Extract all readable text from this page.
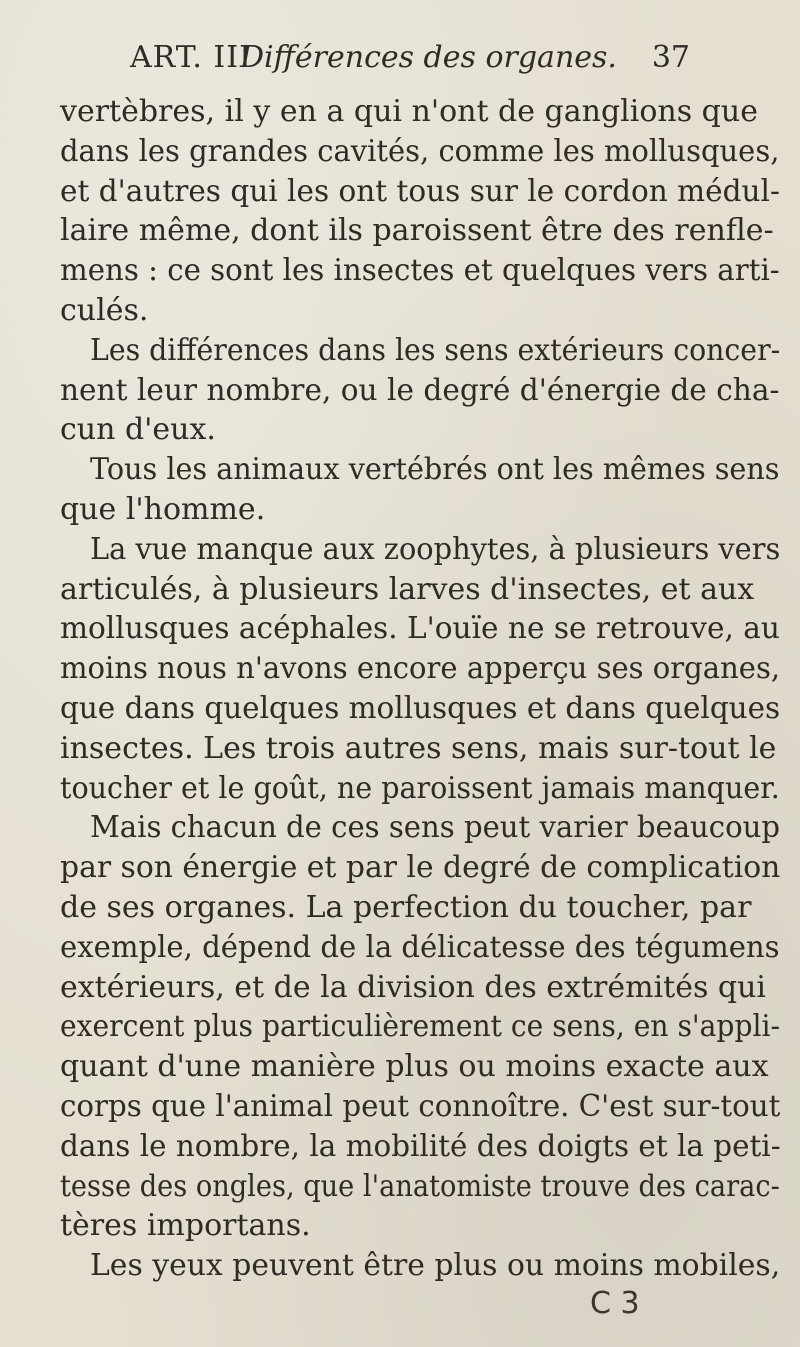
ART. III
Différences des organes. 37
vertèbres, il y en a qui n'ont de ganglions que
dans les grandes cavités, comme les mollusques,
et d'autres qui les ont tous sur le cordon médul-
laire même, dont ils paroissent être des renfle-
mens : ce sont les insectes et quelques vers arti-
culés.
Les différences dans les sens extérieurs concer-
nent leur nombre, ou le degré d'énergie de cha-
cun d'eux.
Tous les animaux vertébrés ont les mêmes sens
que l'homme.
La vue manque aux zoophytes, à plusieurs vers
articulés, à plusieurs larves d'insectes, et aux
mollusques acéphales. L'ouïe ne se retrouve, au
moins nous n'avons encore apperçu ses organes,
que dans quelques mollusques et dans quelques
insectes. Les trois autres sens, mais sur-tout le
toucher et le goût, ne paroissent jamais manquer.
Mais chacun de ces sens peut varier beaucoup
par son énergie et par le degré de complication
de ses organes. La perfection du toucher, par
exemple, dépend de la délicatesse des tégumens
extérieurs, et de la division des extrémités qui
exercent plus particulièrement ce sens, en s'appli-
quant d'une manière plus ou moins exacte aux
corps que l'animal peut connoître. C'est sur-tout
dans le nombre, la mobilité des doigts et la peti-
tesse des ongles, que l'anatomiste trouve des carac-
tères importans.
Les yeux peuvent être plus ou moins mobiles,
C 3
